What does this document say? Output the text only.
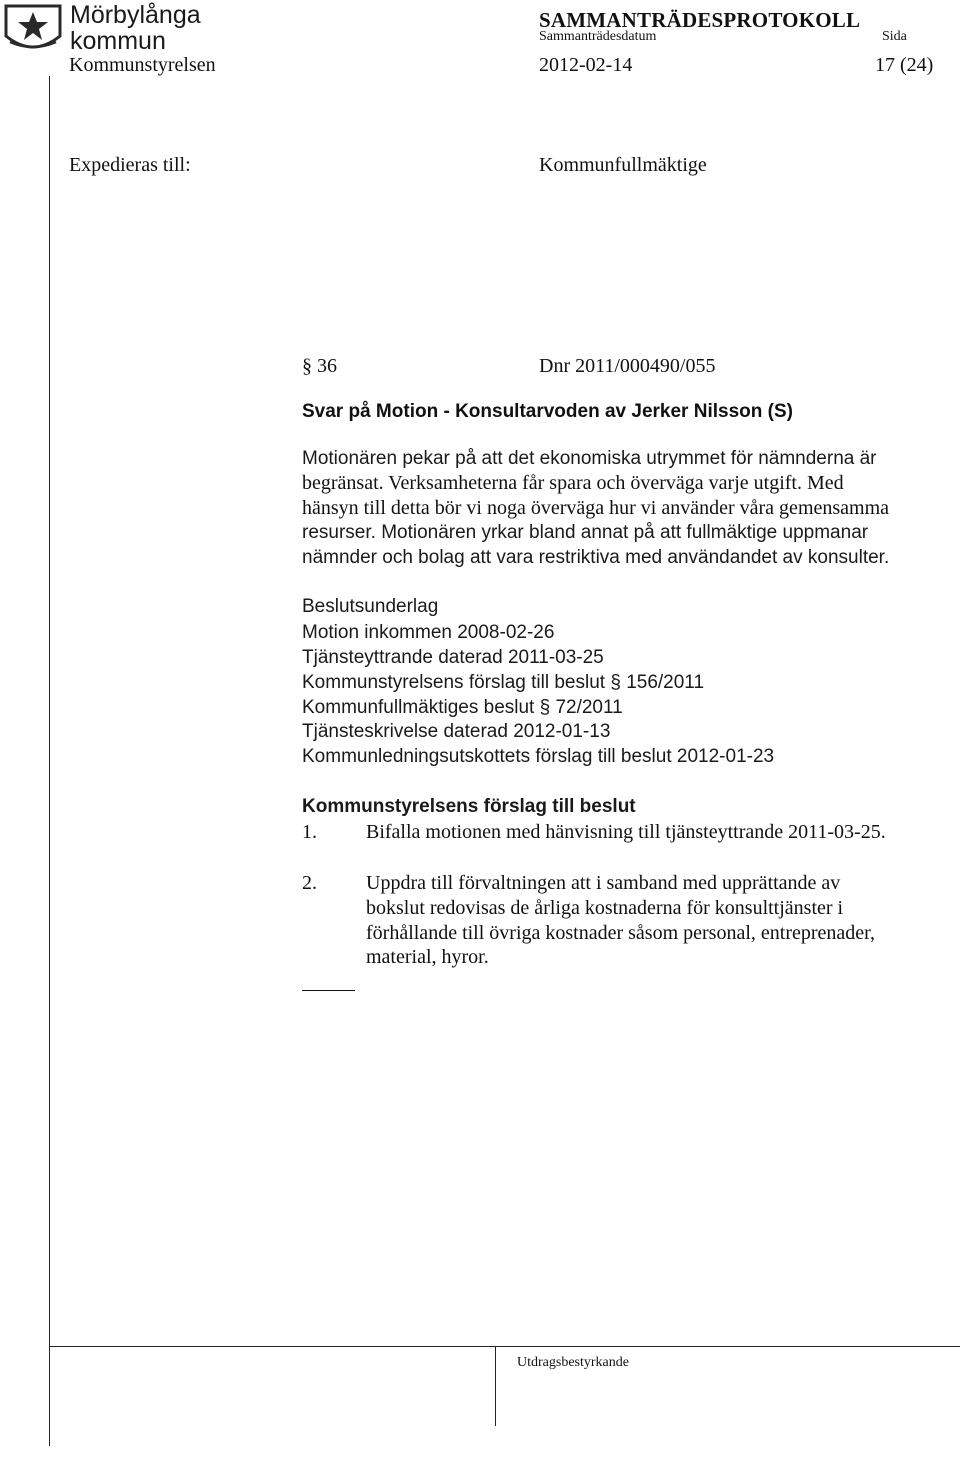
Mörbylånga
kommun
SAMMANTRÄDESPROTOKOLL
Sammanträdesdatum	Sida
Kommunstyrelsen	2012-02-14	17 (24)
Expedieras till:	Kommunfullmäktige
§ 36	Dnr 2011/000490/055
Svar på Motion - Konsultarvoden av Jerker Nilsson (S)
Motionären pekar på att det ekonomiska utrymmet för nämnderna är
begränsat. Verksamheterna får spara och överväga varje utgift. Med
hänsyn till detta bör vi noga överväga hur vi använder våra gemensamma
resurser. Motionären yrkar bland annat på att fullmäktige uppmanar
nämnder och bolag att vara restriktiva med användandet av konsulter.
Beslutsunderlag
Motion inkommen 2008-02-26
Tjänsteyttrande daterad 2011-03-25
Kommunstyrelsens förslag till beslut § 156/2011
Kommunfullmäktiges beslut § 72/2011
Tjänsteskrivelse daterad 2012-01-13
Kommunledningsutskottets förslag till beslut 2012-01-23
Kommunstyrelsens förslag till beslut
1. Bifalla motionen med hänvisning till tjänsteyttrande 2011-03-25.
2. Uppdra till förvaltningen att i samband med upprättande av
bokslut redovisas de årliga kostnaderna för konsulttjänster i
förhållande till övriga kostnader såsom personal, entreprenader,
material, hyror.
Utdragsbestyrkande
